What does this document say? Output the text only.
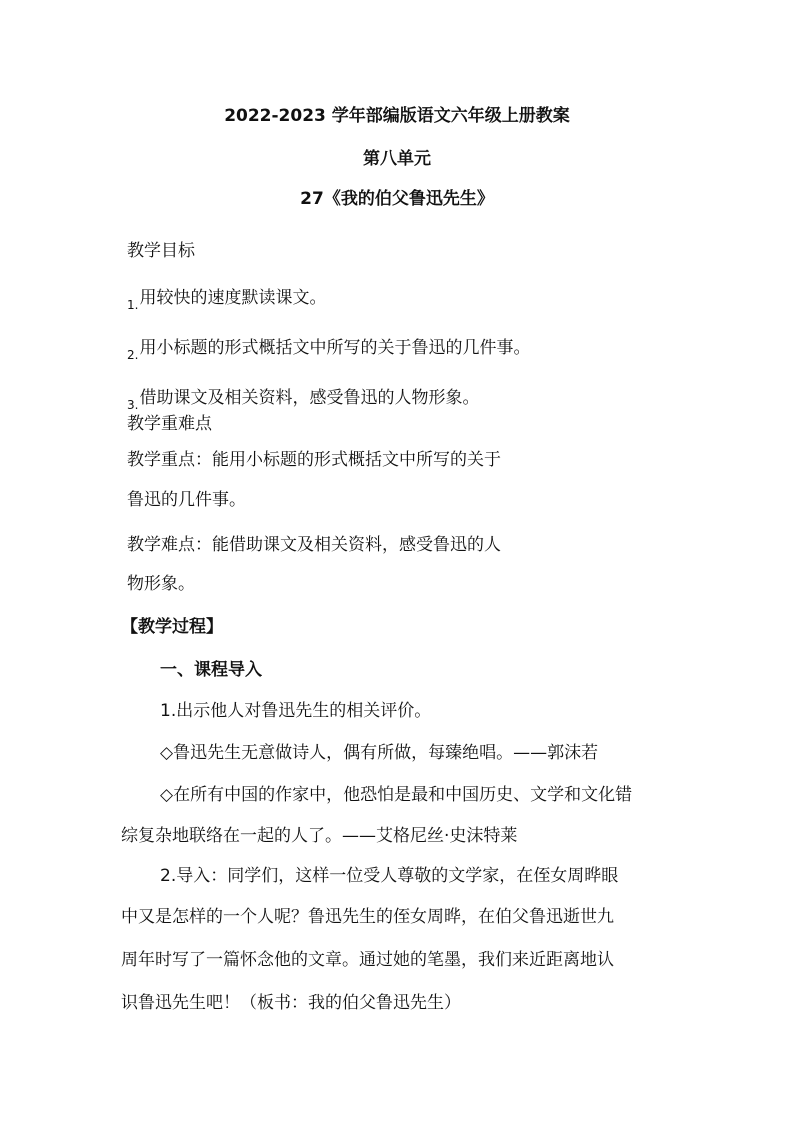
2022-2023 学年部编版语文六年级上册教案
第八单元
27《我的伯父鲁迅先生》
教学目标
$_{1.}$用较快的速度默读课文。
$_{2.}$用小标题的形式概括文中所写的关于鲁迅的几件事。
$_{3.}$借助课文及相关资料，感受鲁迅的人物形象。
教学重难点
教学重点：能用小标题的形式概括文中所写的关于
鲁迅的几件事。
教学难点：能借助课文及相关资料，感受鲁迅的人
物形象。
【教学过程】
一、课程导入
1.出示他人对鲁迅先生的相关评价。
◇鲁迅先生无意做诗人，偶有所做，每臻绝唱。——郭沫若
◇在所有中国的作家中，他恐怕是最和中国历史、文学和文化错
综复杂地联络在一起的人了。——艾格尼丝·史沫特莱
2.导入：同学们，这样一位受人尊敬的文学家，在侄女周晔眼
中又是怎样的一个人呢？鲁迅先生的侄女周晔，在伯父鲁迅逝世九
周年时写了一篇怀念他的文章。通过她的笔墨，我们来近距离地认
识鲁迅先生吧！（板书：我的伯父鲁迅先生）
